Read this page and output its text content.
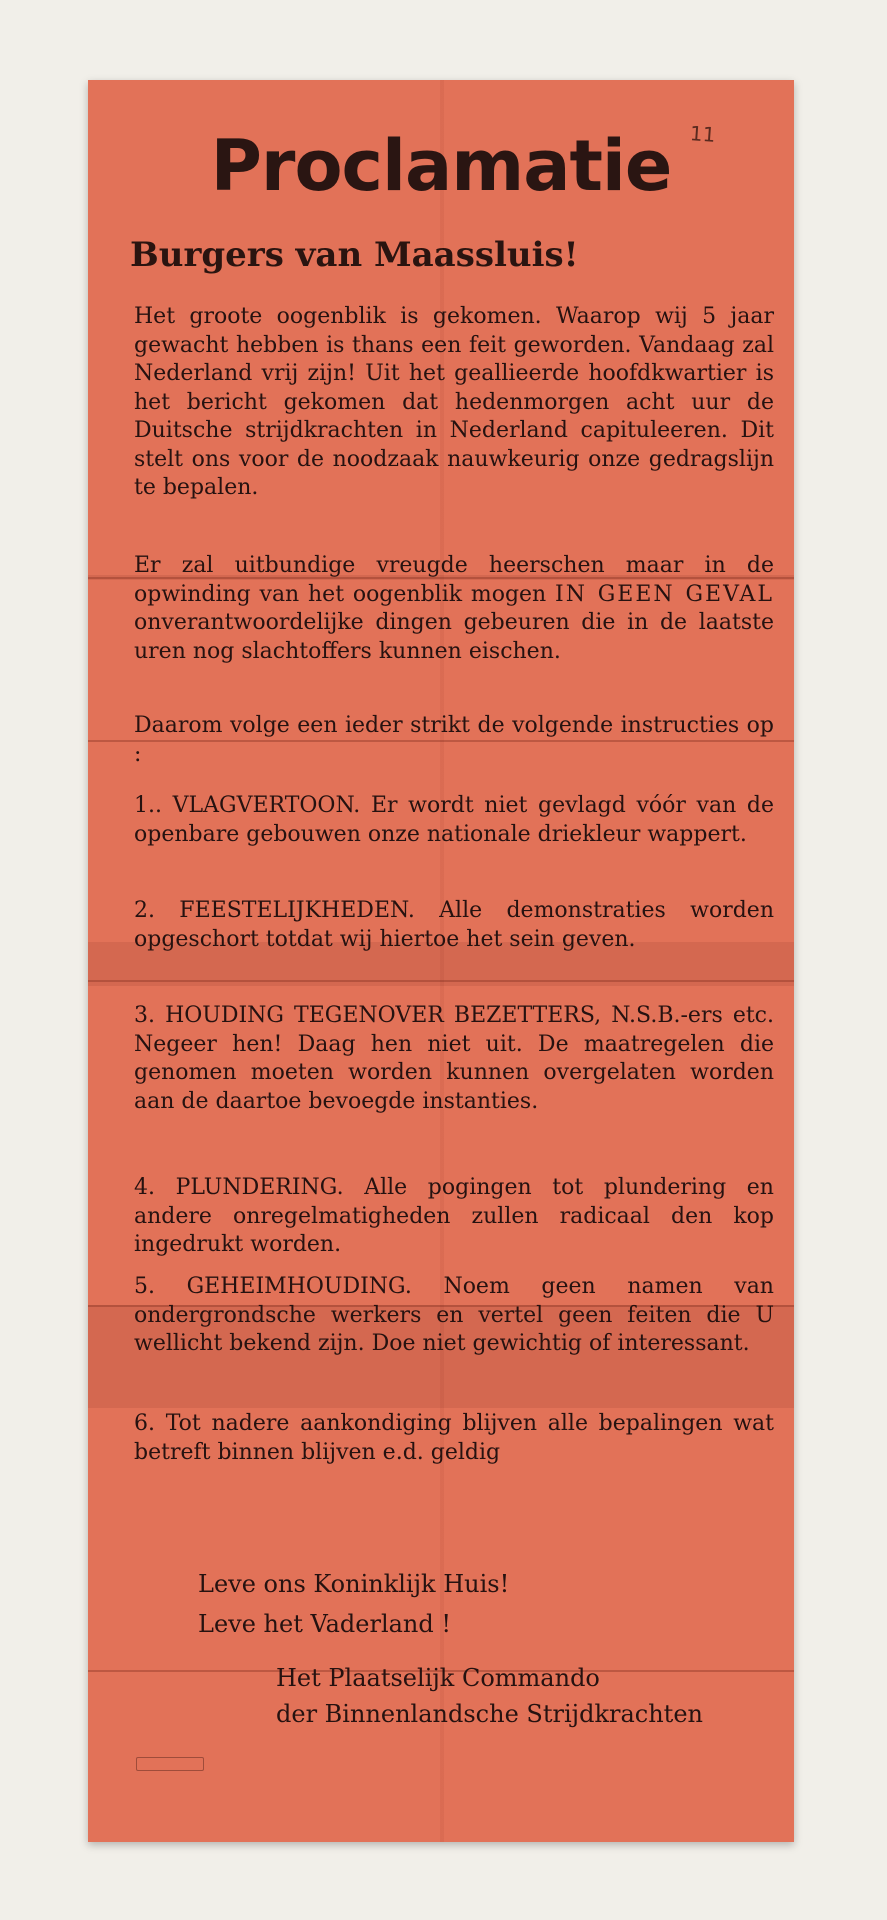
Proclamatie 11
Burgers van Maassluis!
Het groote oogenblik is gekomen. Waarop wij 5 jaar gewacht hebben is thans een feit geworden. Vandaag zal Nederland vrij zijn! Uit het geallieerde hoofdkwartier is het bericht gekomen dat hedenmorgen acht uur de Duitsche strijdkrachten in Nederland capituleeren. Dit stelt ons voor de noodzaak nauwkeurig onze gedragslijn te bepalen.
Er zal uitbundige vreugde heerschen maar in de opwinding van het oogenblik mogen IN GEEN GEVAL onverantwoordelijke dingen gebeuren die in de laatste uren nog slachtoffers kunnen eischen.
Daarom volge een ieder strikt de volgende instructies op :
1.. VLAGVERTOON. Er wordt niet gevlagd vóór van de openbare gebouwen onze nationale driekleur wappert.
2. FEESTELIJKHEDEN. Alle demonstraties worden opgeschort totdat wij hiertoe het sein geven.
3. HOUDING TEGENOVER BEZETTERS, N.S.B.-ers etc. Negeer hen! Daag hen niet uit. De maatregelen die genomen moeten worden kunnen overgelaten worden aan de daartoe bevoegde instanties.
4. PLUNDERING. Alle pogingen tot plundering en andere onregelmatigheden zullen radicaal den kop ingedrukt worden.
5. GEHEIMHOUDING. Noem geen namen van ondergrondsche werkers en vertel geen feiten die U wellicht bekend zijn. Doe niet gewichtig of interessant.
6. Tot nadere aankondiging blijven alle bepalingen wat betreft binnen blijven e.d. geldig
Leve ons Koninklijk Huis!
Leve het Vaderland !
Het Plaatselijk Commando
der Binnenlandsche Strijdkrachten
